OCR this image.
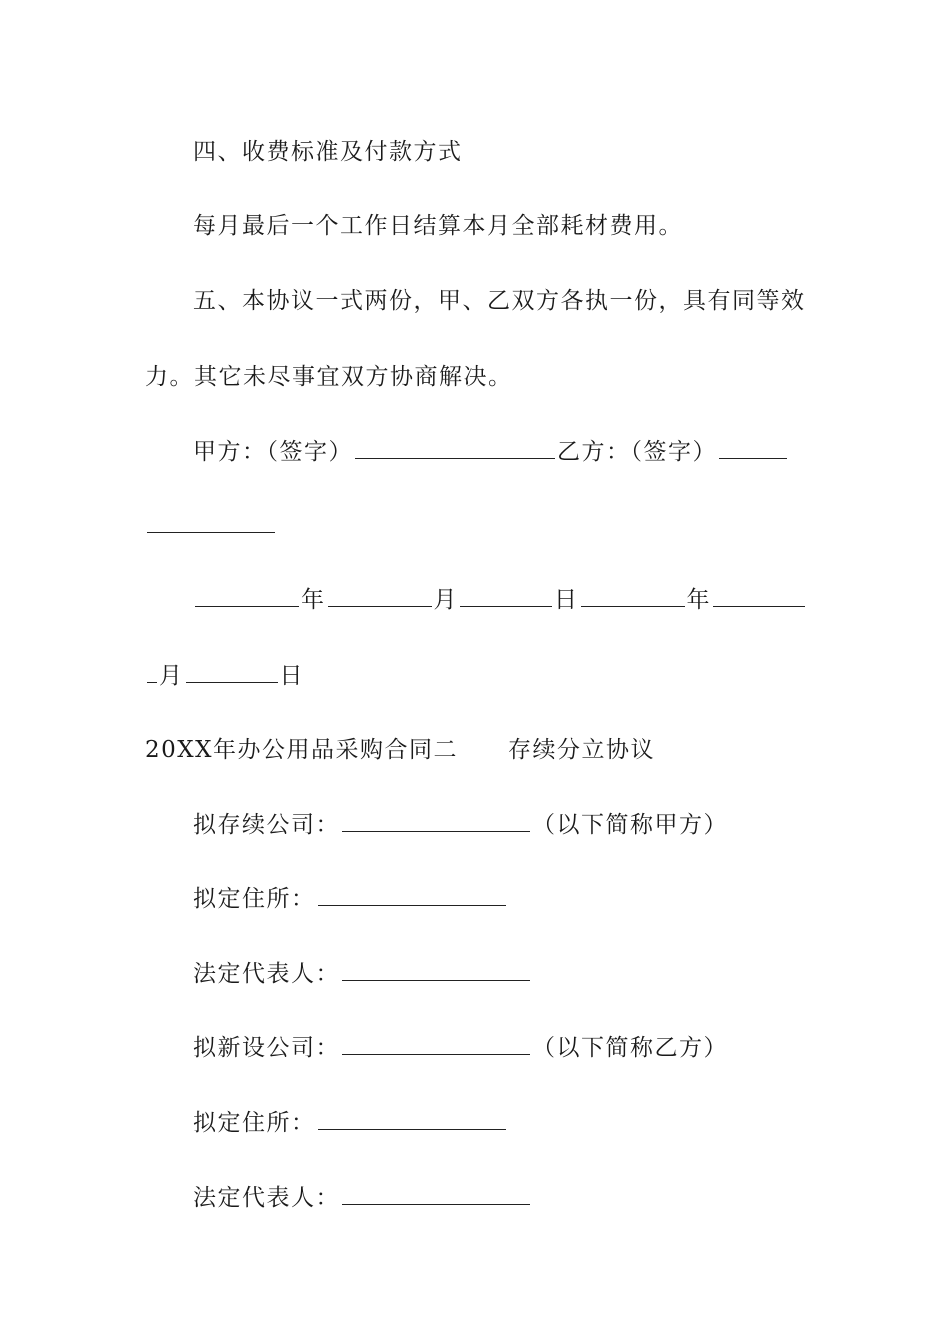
四、收费标准及付款方式
每月最后一个工作日结算本月全部耗材费用。
五、本协议一式两份，甲、乙双方各执一份，具有同等效
力。其它未尽事宜双方协商解决。
甲方：（签字）	乙方：（签字）
年	月	日	年
月	日
20XX年办公用品采购合同二 存续分立协议
拟存续公司：	（以下简称甲方）
拟定住所：
法定代表人：
拟新设公司：	（以下简称乙方）
拟定住所：
法定代表人：
